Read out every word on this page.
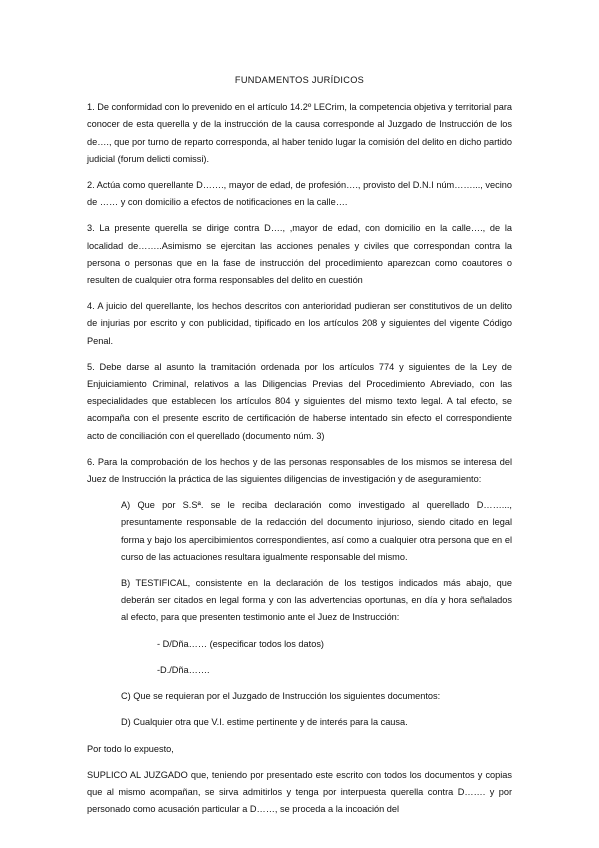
FUNDAMENTOS JURÍDICOS

1. De conformidad con lo prevenido en el artículo 14.2º LECrim, la competencia objetiva y territorial para conocer de esta querella y de la instrucción de la causa corresponde al Juzgado de Instrucción de los de…., que por turno de reparto corresponda, al haber tenido lugar la comisión del delito en dicho partido judicial (forum delicti comissi).

2. Actúa como querellante D……., mayor de edad, de profesión…., provisto del D.N.I núm……..., vecino de …… y con domicilio a efectos de notificaciones en la calle….

3. La presente querella se dirige contra D…., ,mayor de edad, con domicilio en la calle…., de la localidad de……..Asimismo se ejercitan las acciones penales y civiles que correspondan contra la persona o personas que en la fase de instrucción del procedimiento aparezcan como coautores o resulten de cualquier otra forma responsables del delito en cuestión

4. A juicio del querellante, los hechos descritos con anterioridad pudieran ser constitutivos de un delito de injurias por escrito y con publicidad, tipificado en los artículos 208 y siguientes del vigente Código Penal.

5. Debe darse al asunto la tramitación ordenada por los artículos 774 y siguientes de la Ley de Enjuiciamiento Criminal, relativos a las Diligencias Previas del Procedimiento Abreviado, con las especialidades que establecen los artículos 804 y siguientes del mismo texto legal. A tal efecto, se acompaña con el presente escrito de certificación de haberse intentado sin efecto el correspondiente acto de conciliación con el querellado (documento núm. 3)

6. Para la comprobación de los hechos y de las personas responsables de los mismos se interesa del Juez de Instrucción la práctica de las siguientes diligencias de investigación y de aseguramiento:

A) Que por S.Sª. se le reciba declaración como investigado al querellado D……..., presuntamente responsable de la redacción del documento injurioso, siendo citado en legal forma y bajo los apercibimientos correspondientes, así como a cualquier otra persona que en el curso de las actuaciones resultara igualmente responsable del mismo.
B) TESTIFICAL, consistente en la declaración de los testigos indicados más abajo, que deberán ser citados en legal forma y con las advertencias oportunas, en día y hora señalados al efecto, para que presenten testimonio ante el Juez de Instrucción:
- D/Dña…… (especificar todos los datos)
-D./Dña…….
C) Que se requieran por el Juzgado de Instrucción los siguientes documentos:
D) Cualquier otra que V.I. estime pertinente y de interés para la causa.

Por todo lo expuesto,

SUPLICO AL JUZGADO que, teniendo por presentado este escrito con todos los documentos y copias que al mismo acompañan, se sirva admitirlos y tenga por interpuesta querella contra D……. y por personado como acusación particular a D……, se proceda a la incoación del
